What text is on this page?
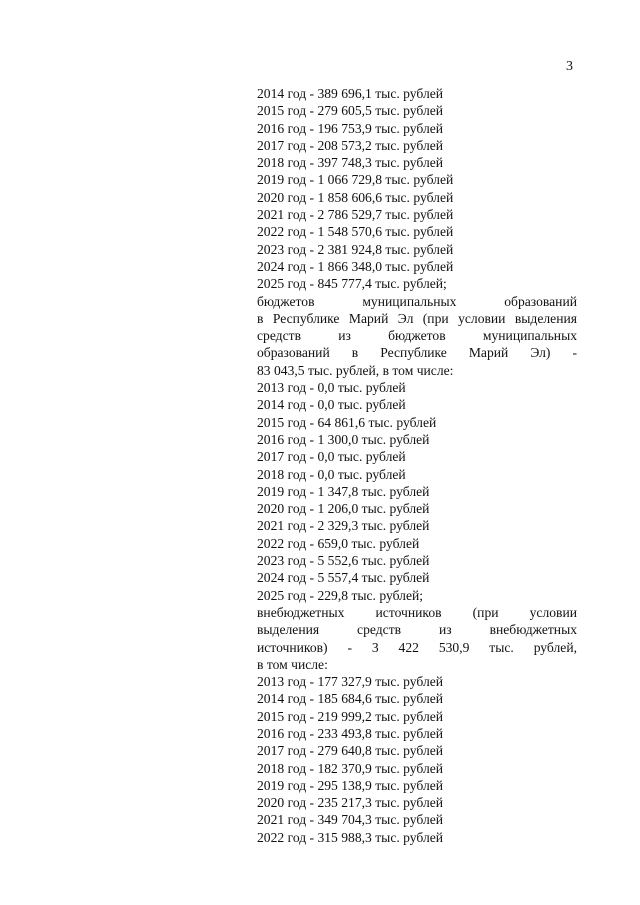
3
2014 год - 389 696,1 тыс. рублей
2015 год - 279 605,5 тыс. рублей
2016 год - 196 753,9 тыс. рублей
2017 год - 208 573,2 тыс. рублей
2018 год - 397 748,3 тыс. рублей
2019 год - 1 066 729,8 тыс. рублей
2020 год - 1 858 606,6 тыс. рублей
2021 год - 2 786 529,7 тыс. рублей
2022 год - 1 548 570,6 тыс. рублей
2023 год - 2 381 924,8 тыс. рублей
2024 год - 1 866 348,0 тыс. рублей
2025 год - 845 777,4 тыс. рублей;
бюджетов муниципальных образований
в Республике Марий Эл (при условии выделения
средств из бюджетов муниципальных
образований в Республике Марий Эл) -
83 043,5 тыс. рублей, в том числе:
2013 год - 0,0 тыс. рублей
2014 год - 0,0 тыс. рублей
2015 год - 64 861,6 тыс. рублей
2016 год - 1 300,0 тыс. рублей
2017 год - 0,0 тыс. рублей
2018 год - 0,0 тыс. рублей
2019 год - 1 347,8 тыс. рублей
2020 год - 1 206,0 тыс. рублей
2021 год - 2 329,3 тыс. рублей
2022 год - 659,0 тыс. рублей
2023 год - 5 552,6 тыс. рублей
2024 год - 5 557,4 тыс. рублей
2025 год - 229,8 тыс. рублей;
внебюджетных источников (при условии
выделения средств из внебюджетных
источников) - 3 422 530,9 тыс. рублей,
в том числе:
2013 год - 177 327,9 тыс. рублей
2014 год - 185 684,6 тыс. рублей
2015 год - 219 999,2 тыс. рублей
2016 год - 233 493,8 тыс. рублей
2017 год - 279 640,8 тыс. рублей
2018 год - 182 370,9 тыс. рублей
2019 год - 295 138,9 тыс. рублей
2020 год - 235 217,3 тыс. рублей
2021 год - 349 704,3 тыс. рублей
2022 год - 315 988,3 тыс. рублей
